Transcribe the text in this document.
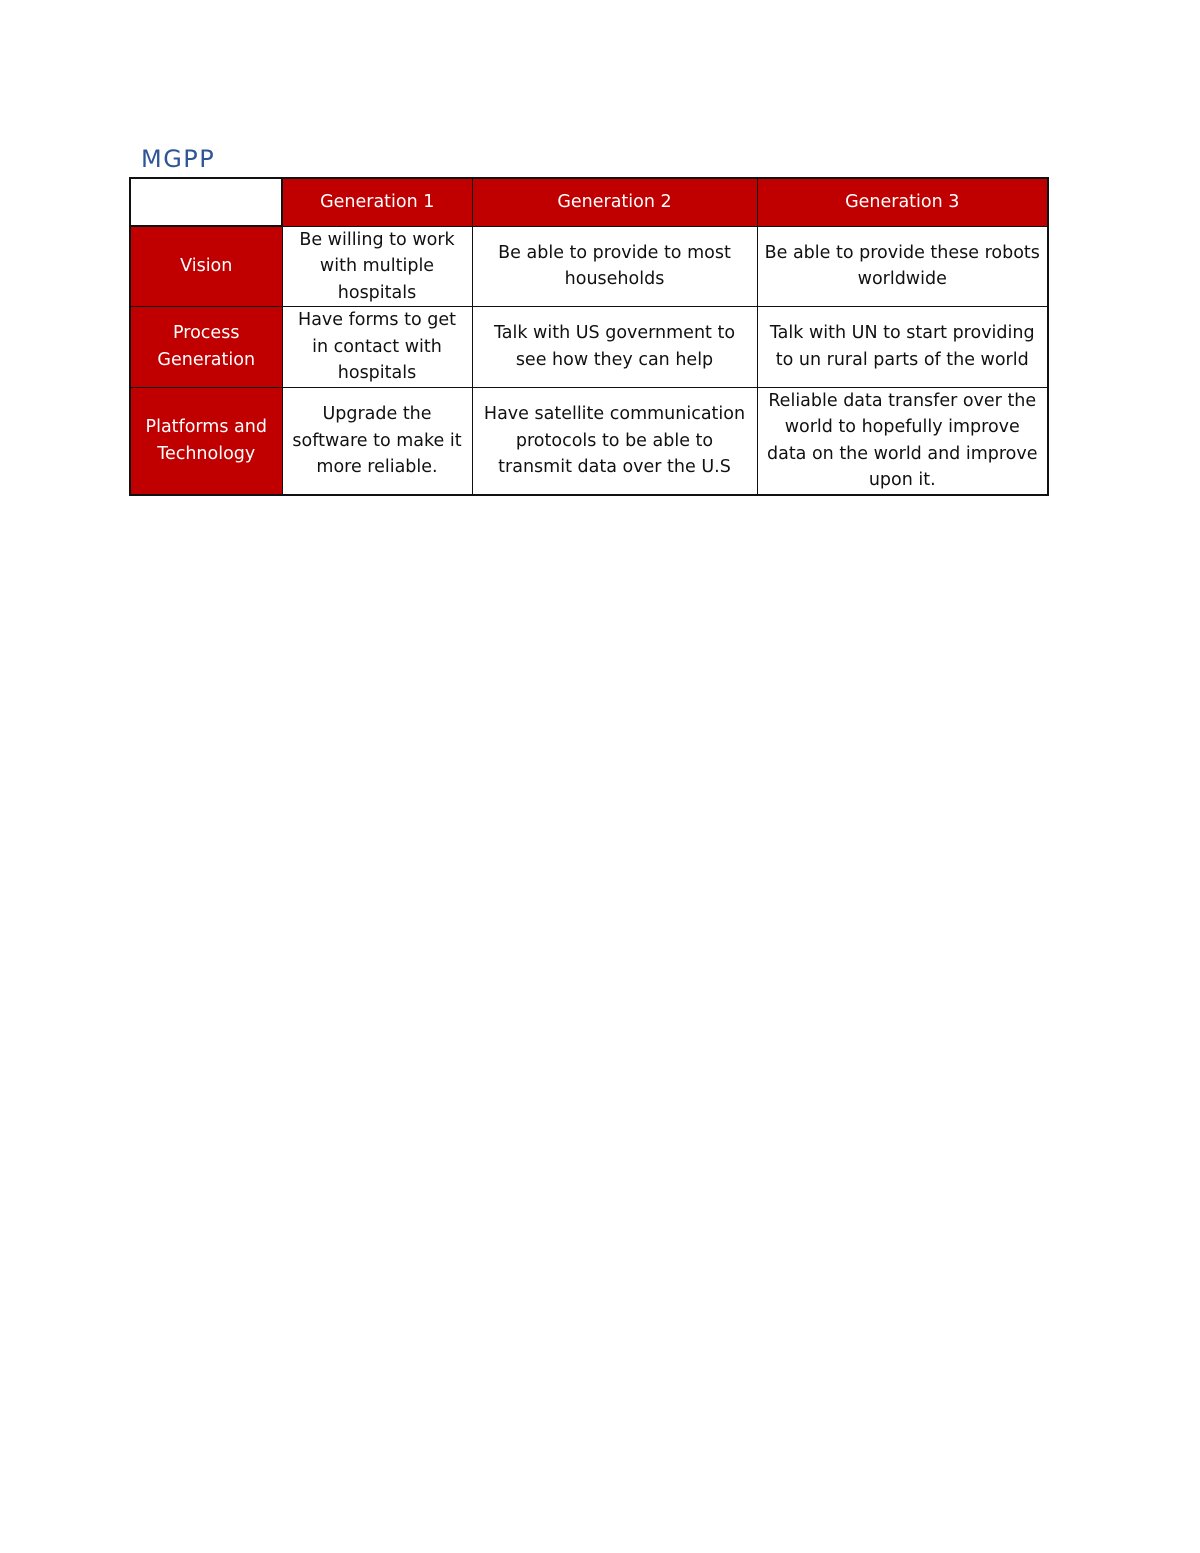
MGPP
	Generation 1	Generation 2	Generation 3
Vision	Be willing to work with multiple hospitals	Be able to provide to most households	Be able to provide these robots worldwide
Process Generation	Have forms to get in contact with hospitals	Talk with US government to see how they can help	Talk with UN to start providing to un rural parts of the world
Platforms and Technology	Upgrade the software to make it more reliable.	Have satellite communication protocols to be able to transmit data over the U.S	Reliable data transfer over the world to hopefully improve data on the world and improve upon it.
